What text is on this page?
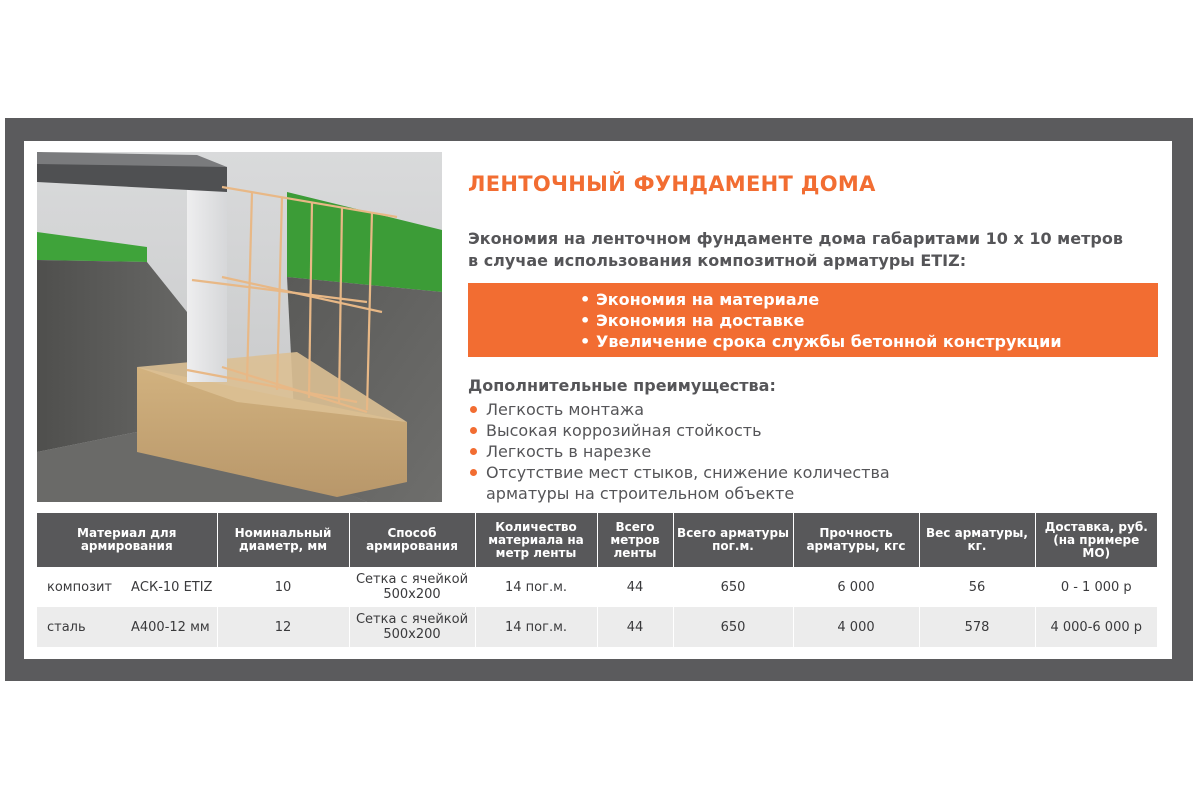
ЛЕНТОЧНЫЙ ФУНДАМЕНТ ДОМА
Экономия на ленточном фундаменте дома габаритами 10 х 10 метров
в случае использования композитной арматуры ETIZ:
• Экономия на материале
• Экономия на доставке
• Увеличение срока службы бетонной конструкции
Дополнительные преимущества:
Легкость монтажа
Высокая коррозийная стойкость
Легкость в нарезке
Отсутствие мест стыков, снижение количества арматуры на строительном объекте
Материал для армирования	Номинальный диаметр, мм	Способ армирования	Количество материала на метр ленты	Всего метров ленты	Всего арматуры пог.м.	Прочность арматуры, кгс	Вес арматуры, кг.	Доставка, руб. (на примере МО)
композит АСК-10 ETIZ	10	Сетка с ячейкой
500х200	14 пог.м.	44	650	6 000	56	0 - 1 000 р
сталь А400-12 мм	12	Сетка с ячейкой
500х200	14 пог.м.	44	650	4 000	578	4 000-6 000 р
